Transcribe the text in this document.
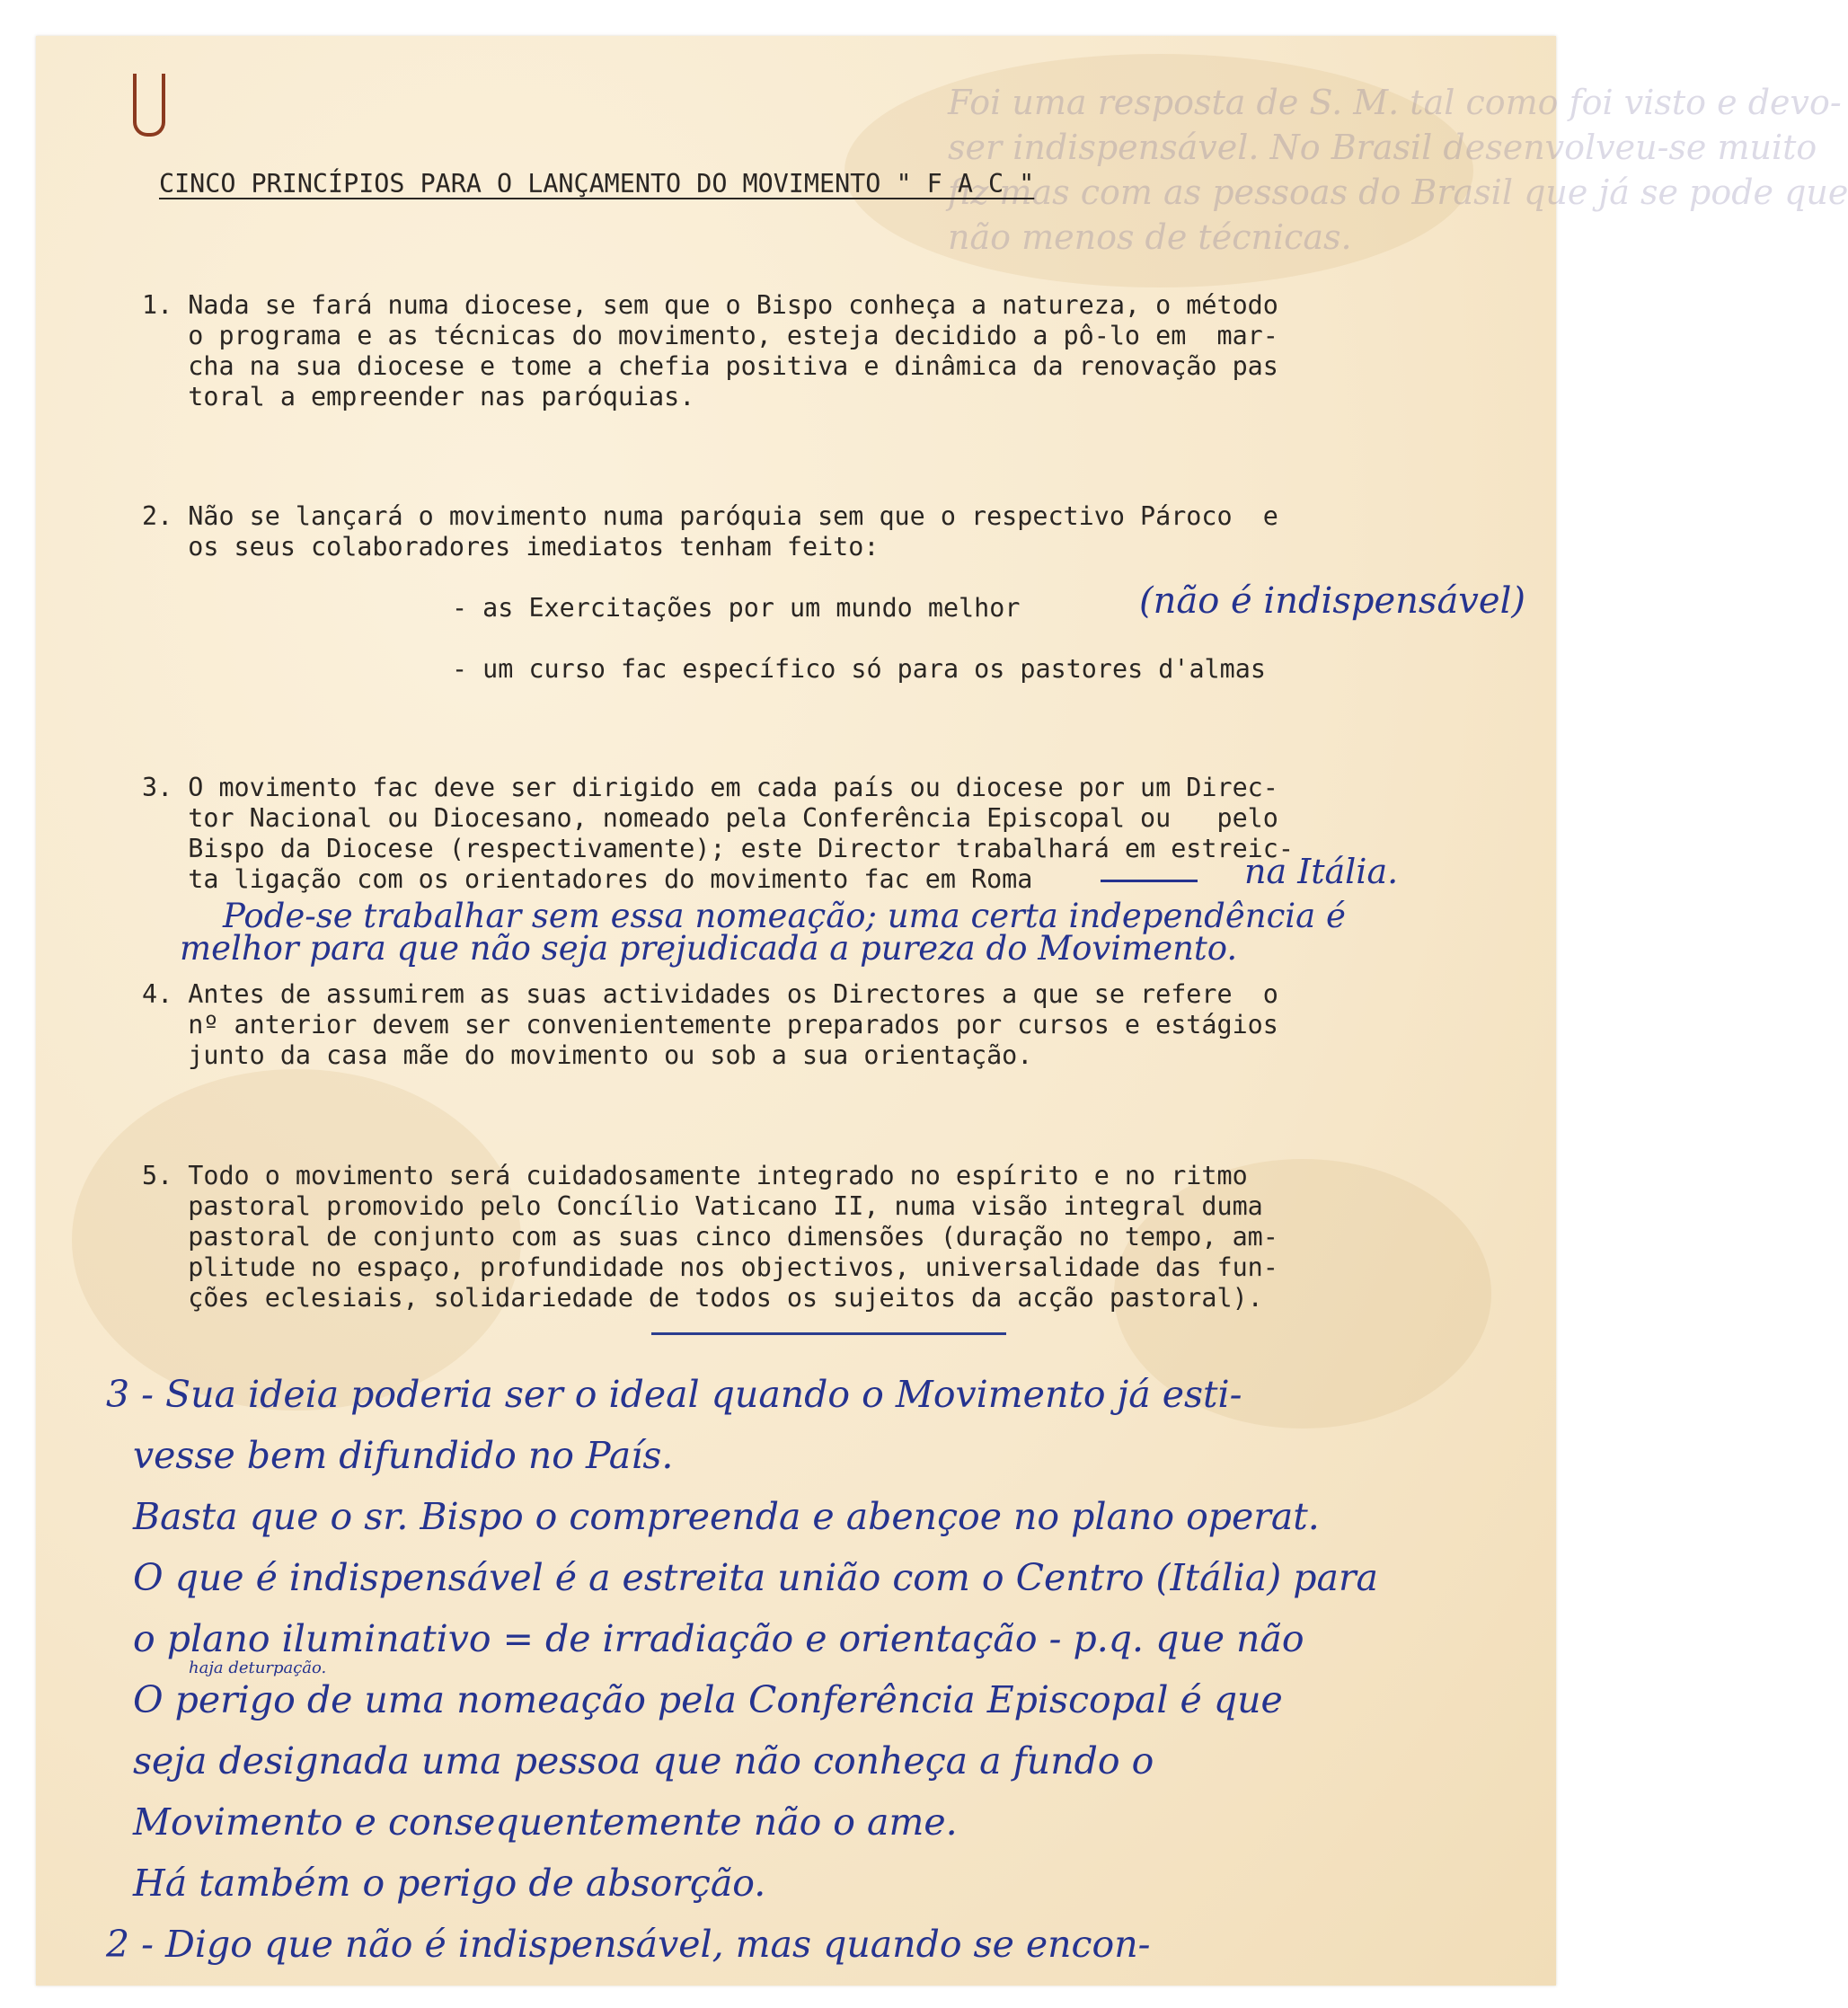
Foi uma resposta de S. M. tal como foi visto e devo-
ser indispensável. No Brasil desenvolveu-se muito
fiz mas com as pessoas do Brasil que já se pode que
não menos de técnicas.
CINCO PRINCÍPIOS PARA O LANÇAMENTO DO MOVIMENTO " F A C "
1. Nada se fará numa diocese, sem que o Bispo conheça a natureza, o método
o programa e as técnicas do movimento, esteja decidido a pô-lo em  mar-
cha na sua diocese e tome a chefia positiva e dinâmica da renovação pas
toral a empreender nas paróquias.
2. Não se lançará o movimento numa paróquia sem que o respectivo Pároco  e
os seus colaboradores imediatos tenham feito:
- as Exercitações por um mundo melhor	(não é indispensável)
- um curso fac específico só para os pastores d'almas
3. O movimento fac deve ser dirigido em cada país ou diocese por um Direc-
tor Nacional ou Diocesano, nomeado pela Conferência Episcopal ou   pelo
Bispo da Diocese (respectivamente); este Director trabalhará em estreic-
ta ligação com os orientadores do movimento fac em Roma	na Itália.
Pode-se trabalhar sem essa nomeação; uma certa independência é
melhor para que não seja prejudicada a pureza do Movimento.
4. Antes de assumirem as suas actividades os Directores a que se refere  o
nº anterior devem ser convenientemente preparados por cursos e estágios
junto da casa mãe do movimento ou sob a sua orientação.
5. Todo o movimento será cuidadosamente integrado no espírito e no ritmo
pastoral promovido pelo Concílio Vaticano II, numa visão integral duma
pastoral de conjunto com as suas cinco dimensões (duração no tempo, am-
plitude no espaço, profundidade nos objectivos, universalidade das fun-
ções eclesiais, solidariedade de todos os sujeitos da acção pastoral).
3 - Sua ideia poderia ser o ideal quando o Movimento já esti-
vesse bem difundido no País.
Basta que o sr. Bispo o compreenda e abençoe no plano operat.
O que é indispensável é a estreita união com o Centro (Itália) para
o plano iluminativo = de irradiação e orientação - p.q. que não
haja deturpação.
O perigo de uma nomeação pela Conferência Episcopal é que
seja designada uma pessoa que não conheça a fundo o
Movimento e consequentemente não o ame.
Há também o perigo de absorção.
2 - Digo que não é indispensável, mas quando se encon-
